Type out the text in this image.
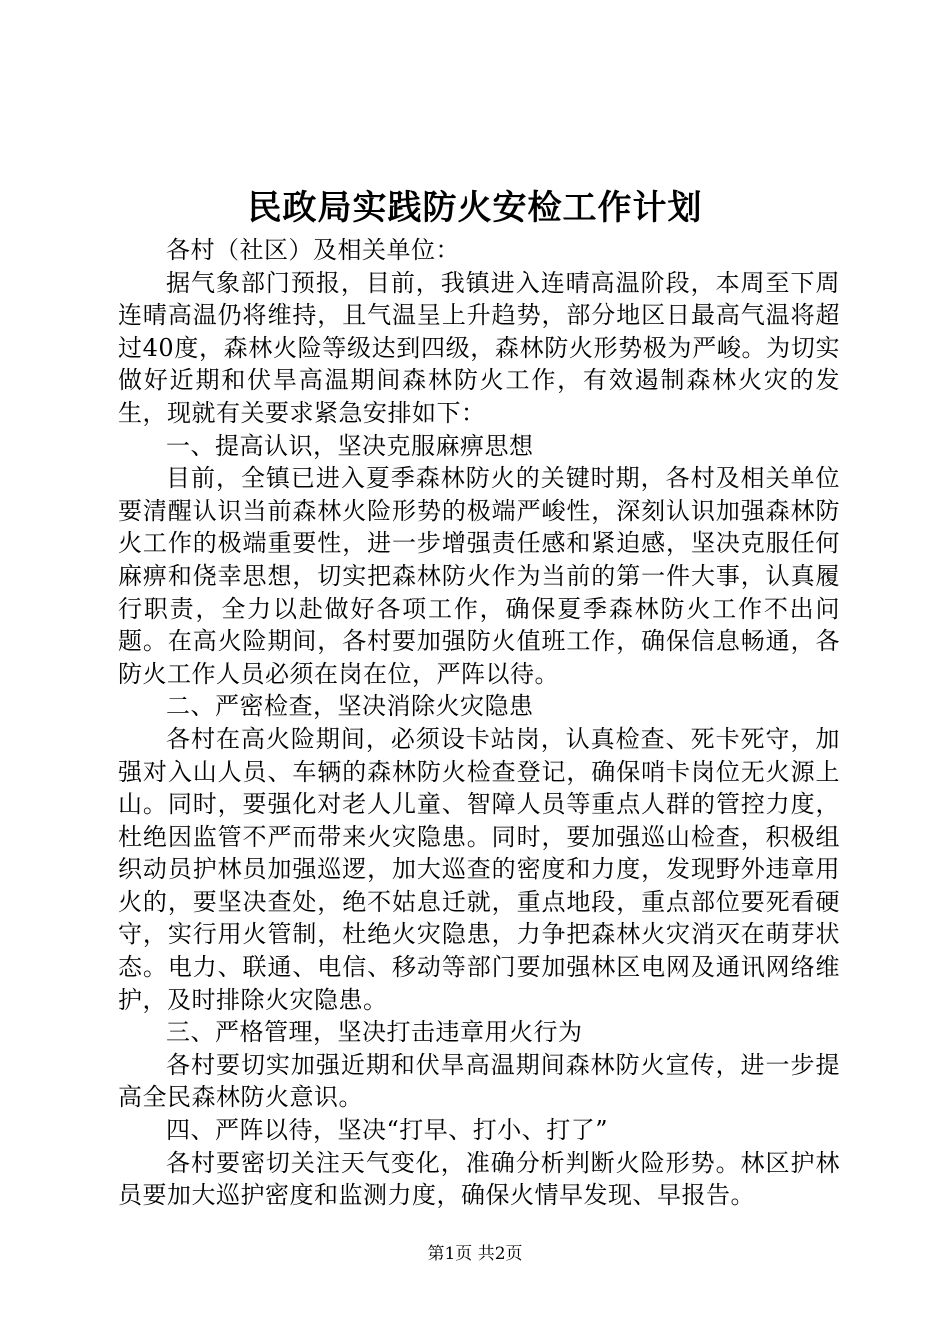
民政局实践防火安检工作计划

各村（社区）及相关单位：

据气象部门预报，目前，我镇进入连晴高温阶段，本周至下周连晴高温仍将维持，且气温呈上升趋势，部分地区日最高气温将超过40度，森林火险等级达到四级，森林防火形势极为严峻。为切实做好近期和伏旱高温期间森林防火工作，有效遏制森林火灾的发生，现就有关要求紧急安排如下：

一、提高认识，坚决克服麻痹思想

目前，全镇已进入夏季森林防火的关键时期，各村及相关单位要清醒认识当前森林火险形势的极端严峻性，深刻认识加强森林防火工作的极端重要性，进一步增强责任感和紧迫感，坚决克服任何麻痹和侥幸思想，切实把森林防火作为当前的第一件大事，认真履行职责，全力以赴做好各项工作，确保夏季森林防火工作不出问题。在高火险期间，各村要加强防火值班工作，确保信息畅通，各防火工作人员必须在岗在位，严阵以待。

二、严密检查，坚决消除火灾隐患

各村在高火险期间，必须设卡站岗，认真检查、死卡死守，加强对入山人员、车辆的森林防火检查登记，确保哨卡岗位无火源上山。同时，要强化对老人儿童、智障人员等重点人群的管控力度，杜绝因监管不严而带来火灾隐患。同时，要加强巡山检查，积极组织动员护林员加强巡逻，加大巡查的密度和力度，发现野外违章用火的，要坚决查处，绝不姑息迁就，重点地段，重点部位要死看硬守，实行用火管制，杜绝火灾隐患，力争把森林火灾消灭在萌芽状态。电力、联通、电信、移动等部门要加强林区电网及通讯网络维护，及时排除火灾隐患。

三、严格管理，坚决打击违章用火行为

各村要切实加强近期和伏旱高温期间森林防火宣传，进一步提高全民森林防火意识。

四、严阵以待，坚决“打早、打小、打了”

各村要密切关注天气变化，准确分析判断火险形势。林区护林员要加大巡护密度和监测力度，确保火情早发现、早报告。

第1页 共2页
